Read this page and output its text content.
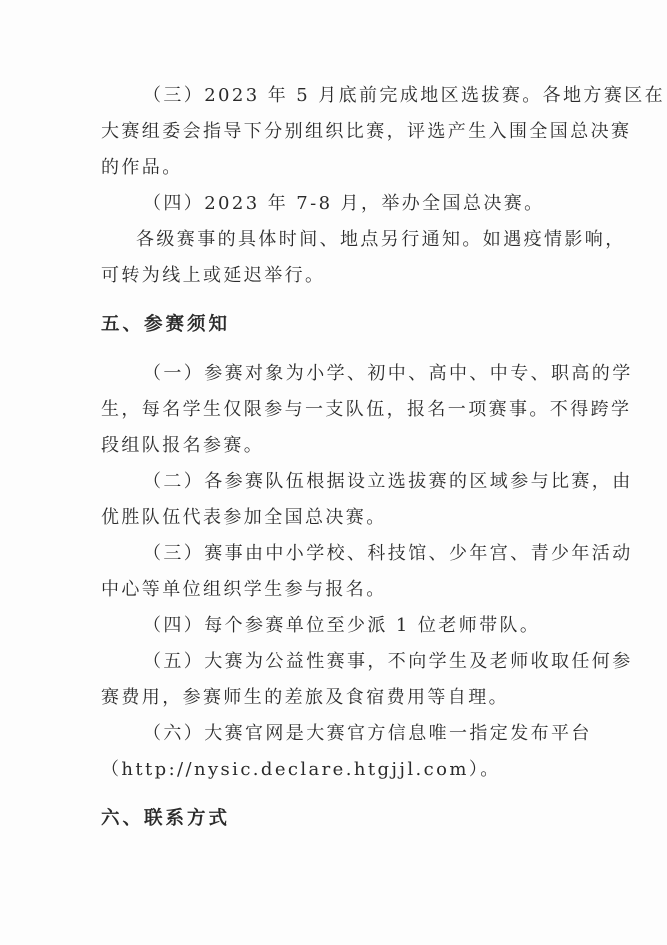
（三）2023 年 5 月底前完成地区选拔赛。各地方赛区在
大赛组委会指导下分别组织比赛，评选产生入围全国总决赛
的作品。
（四）2023 年 7-8 月，举办全国总决赛。
各级赛事的具体时间、地点另行通知。如遇疫情影响，
可转为线上或延迟举行。
五、参赛须知
（一）参赛对象为小学、初中、高中、中专、职高的学
生，每名学生仅限参与一支队伍，报名一项赛事。不得跨学
段组队报名参赛。
（二）各参赛队伍根据设立选拔赛的区域参与比赛，由
优胜队伍代表参加全国总决赛。
（三）赛事由中小学校、科技馆、少年宫、青少年活动
中心等单位组织学生参与报名。
（四）每个参赛单位至少派 1 位老师带队。
（五）大赛为公益性赛事，不向学生及老师收取任何参
赛费用，参赛师生的差旅及食宿费用等自理。
（六）大赛官网是大赛官方信息唯一指定发布平台
（http://nysic.declare.htgjjl.com）。
六、联系方式
